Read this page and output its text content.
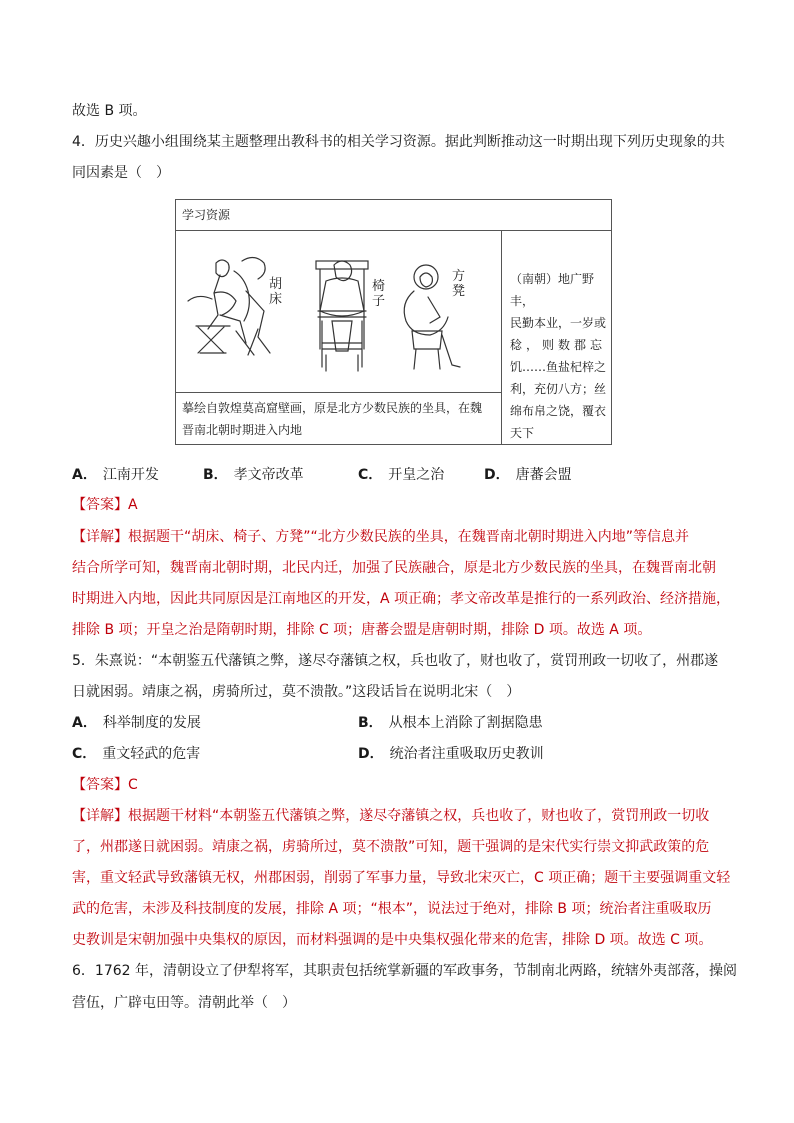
故选 B 项。
4．历史兴趣小组围绕某主题整理出教科书的相关学习资源。据此判断推动这一时期出现下列历史现象的共
同因素是（　）
学习资源
胡床
椅子
方凳
摹绘自敦煌莫高窟壁画，原是北方少数民族的坐具，在魏
晋南北朝时期进入内地
（南朝）地广野丰，
民勤本业，一岁或
稔，则数郡忘
饥……鱼盐杞梓之
利，充仞八方；丝
绵布帛之饶，覆衣
天下
A． 江南开发	B． 孝文帝改革	C． 开皇之治	D． 唐蕃会盟
【答案】A
【详解】根据题干“胡床、椅子、方凳”“北方少数民族的坐具，在魏晋南北朝时期进入内地”等信息并
结合所学可知，魏晋南北朝时期，北民内迁，加强了民族融合，原是北方少数民族的坐具，在魏晋南北朝
时期进入内地，因此共同原因是江南地区的开发，A 项正确；孝文帝改革是推行的一系列政治、经济措施，
排除 B 项；开皇之治是隋朝时期，排除 C 项；唐蕃会盟是唐朝时期，排除 D 项。故选 A 项。
5．朱熹说：“本朝鉴五代藩镇之弊，遂尽夺藩镇之权，兵也收了，财也收了，赏罚刑政一切收了，州郡遂
日就困弱。靖康之祸，虏骑所过，莫不溃散。”这段话旨在说明北宋（　）
A． 科举制度的发展	B． 从根本上消除了割据隐患
C． 重文轻武的危害	D． 统治者注重吸取历史教训
【答案】C
【详解】根据题干材料“本朝鉴五代藩镇之弊，遂尽夺藩镇之权，兵也收了，财也收了，赏罚刑政一切收
了，州郡遂日就困弱。靖康之祸，虏骑所过，莫不溃散”可知，题干强调的是宋代实行崇文抑武政策的危
害，重文轻武导致藩镇无权，州郡困弱，削弱了军事力量，导致北宋灭亡，C 项正确；题干主要强调重文轻
武的危害，未涉及科技制度的发展，排除 A 项；“根本”，说法过于绝对，排除 B 项；统治者注重吸取历
史教训是宋朝加强中央集权的原因，而材料强调的是中央集权强化带来的危害，排除 D 项。故选 C 项。
6．1762 年，清朝设立了伊犁将军，其职责包括统掌新疆的军政事务，节制南北两路，统辖外夷部落，操阅
营伍，广辟屯田等。清朝此举（　）
